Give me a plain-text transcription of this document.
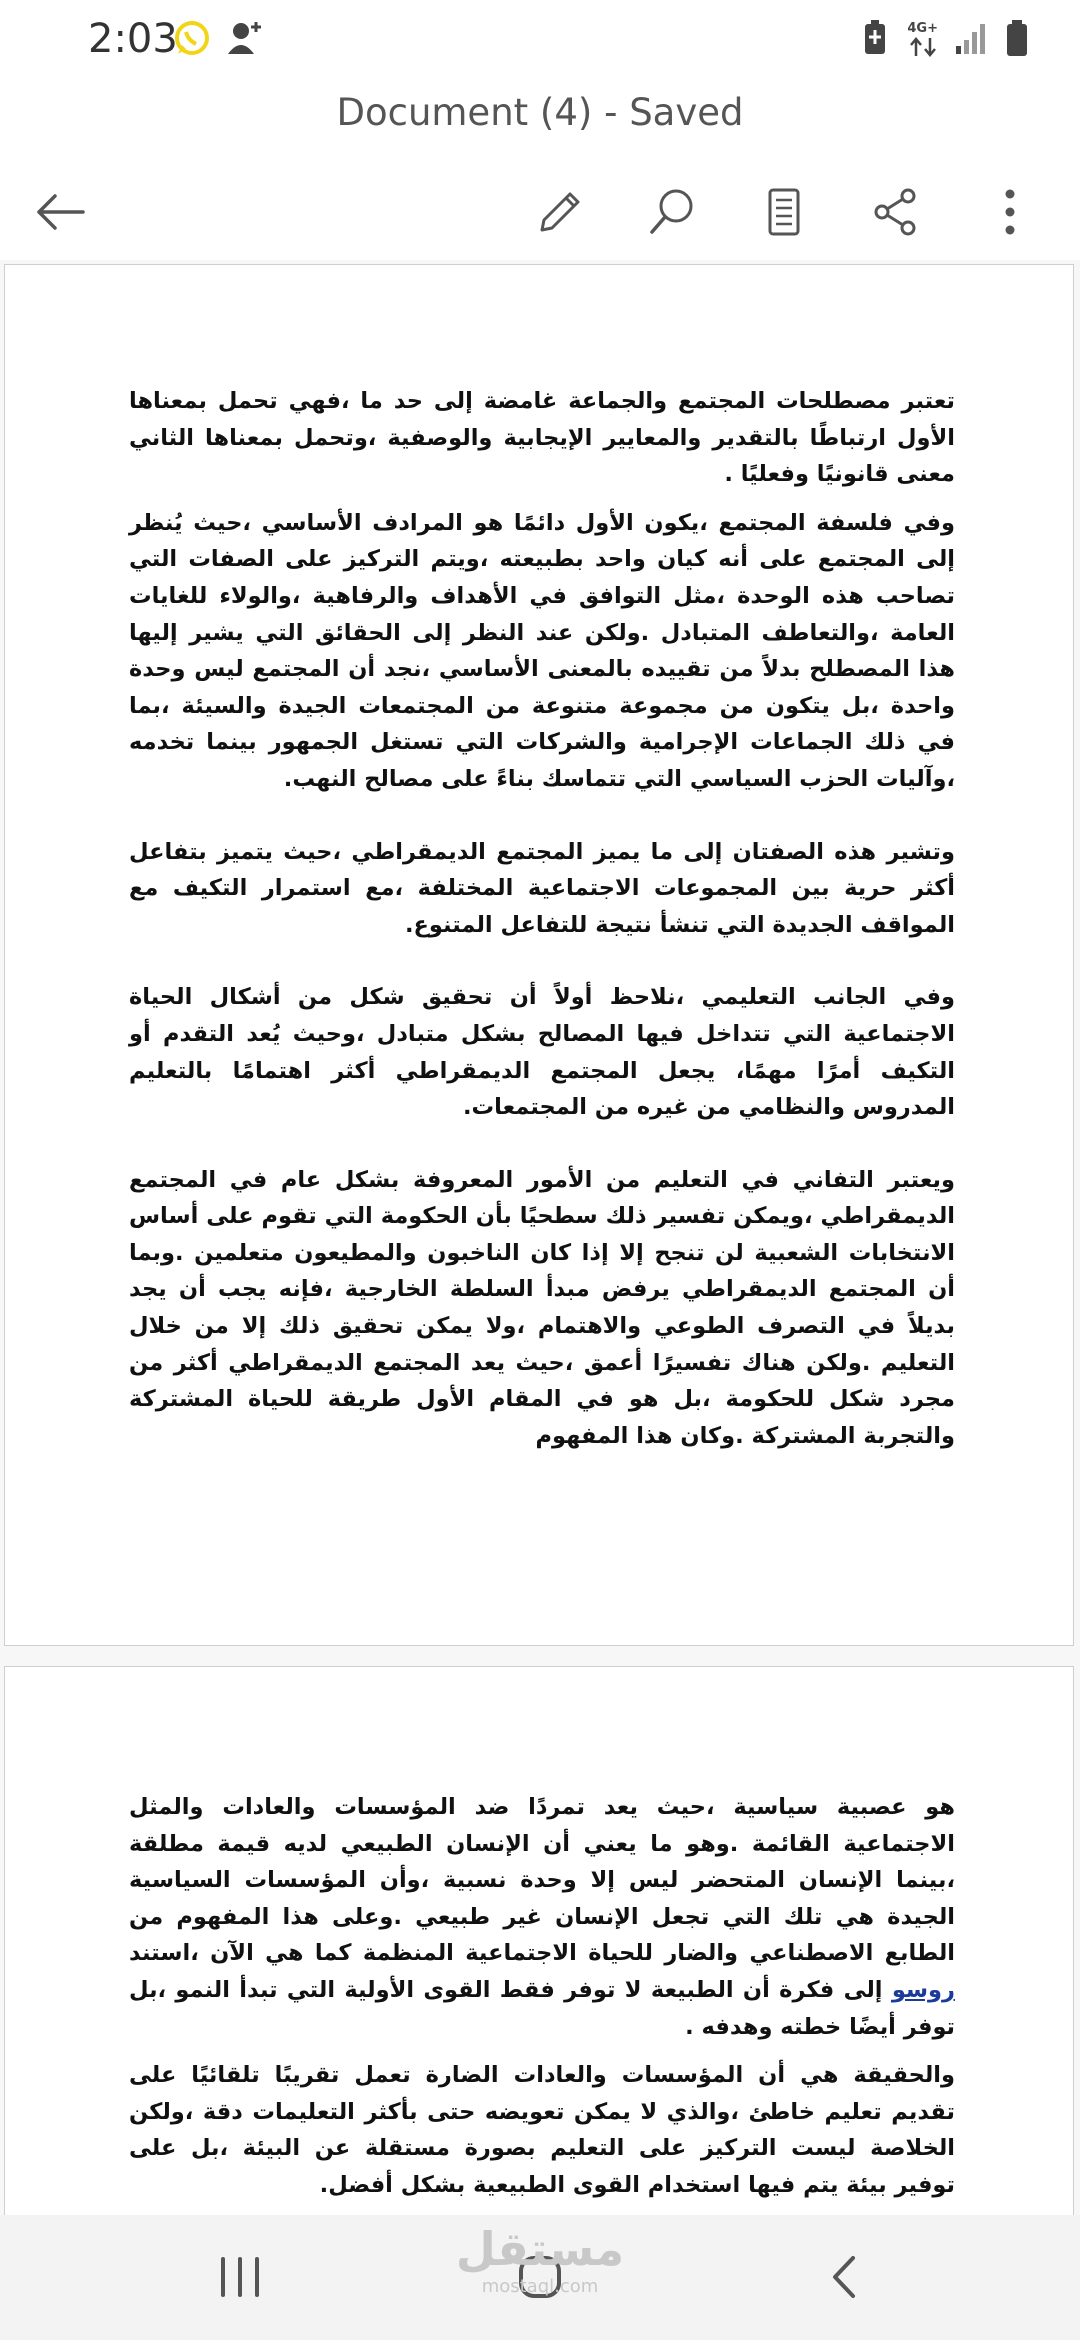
2:03	4G+
Document (4) - Saved

تعتبر مصطلحات المجتمع والجماعة غامضة إلى حد ما ،فهي تحمل بمعناها الأول ارتباطًا بالتقدير والمعايير الإيجابية والوصفية ،وتحمل بمعناها الثاني معنى قانونيًا وفعليًا .

وفي فلسفة المجتمع ،يكون الأول دائمًا هو المرادف الأساسي ،حيث يُنظر إلى المجتمع على أنه كيان واحد بطبيعته ،ويتم التركيز على الصفات التي تصاحب هذه الوحدة ،مثل التوافق في الأهداف والرفاهية ،والولاء للغايات العامة ،والتعاطف المتبادل .ولكن عند النظر إلى الحقائق التي يشير إليها هذا المصطلح بدلاً من تقييده بالمعنى الأساسي ،نجد أن المجتمع ليس وحدة واحدة ،بل يتكون من مجموعة متنوعة من المجتمعات الجيدة والسيئة ،بما في ذلك الجماعات الإجرامية والشركات التي تستغل الجمهور بينما تخدمه ،وآليات الحزب السياسي التي تتماسك بناءً على مصالح النهب.

وتشير هذه الصفتان إلى ما يميز المجتمع الديمقراطي ،حيث يتميز بتفاعل أكثر حرية بين المجموعات الاجتماعية المختلفة ،مع استمرار التكيف مع المواقف الجديدة التي تنشأ نتيجة للتفاعل المتنوع.

وفي الجانب التعليمي ،نلاحظ أولاً أن تحقيق شكل من أشكال الحياة الاجتماعية التي تتداخل فيها المصالح بشكل متبادل ،وحيث يُعد التقدم أو التكيف أمرًا مهمًا، يجعل المجتمع الديمقراطي أكثر اهتمامًا بالتعليم المدروس والنظامي من غيره من المجتمعات.

ويعتبر التفاني في التعليم من الأمور المعروفة بشكل عام في المجتمع الديمقراطي ،ويمكن تفسير ذلك سطحيًا بأن الحكومة التي تقوم على أساس الانتخابات الشعبية لن تنجح إلا إذا كان الناخبون والمطيعون متعلمين .وبما أن المجتمع الديمقراطي يرفض مبدأ السلطة الخارجية ،فإنه يجب أن يجد بديلاً في التصرف الطوعي والاهتمام ،ولا يمكن تحقيق ذلك إلا من خلال التعليم .ولكن هناك تفسيرًا أعمق ،حيث يعد المجتمع الديمقراطي أكثر من مجرد شكل للحكومة ،بل هو في المقام الأول طريقة للحياة المشتركة والتجربة المشتركة .وكان هذا المفهوم

هو عصبية سياسية ،حيث يعد تمردًا ضد المؤسسات والعادات والمثل الاجتماعية القائمة .وهو ما يعني أن الإنسان الطبيعي لديه قيمة مطلقة ،بينما الإنسان المتحضر ليس إلا وحدة نسبية ،وأن المؤسسات السياسية الجيدة هي تلك التي تجعل الإنسان غير طبيعي .وعلى هذا المفهوم من الطابع الاصطناعي والضار للحياة الاجتماعية المنظمة كما هي الآن ،استند روسو إلى فكرة أن الطبيعة لا توفر فقط القوى الأولية التي تبدأ النمو ،بل توفر أيضًا خطته وهدفه .

والحقيقة هي أن المؤسسات والعادات الضارة تعمل تقريبًا تلقائيًا على تقديم تعليم خاطئ ،والذي لا يمكن تعويضه حتى بأكثر التعليمات دقة ،ولكن الخلاصة ليست التركيز على التعليم بصورة مستقلة عن البيئة ،بل على توفير بيئة يتم فيها استخدام القوى الطبيعية بشكل أفضل.

مستقل
mostaql.com
